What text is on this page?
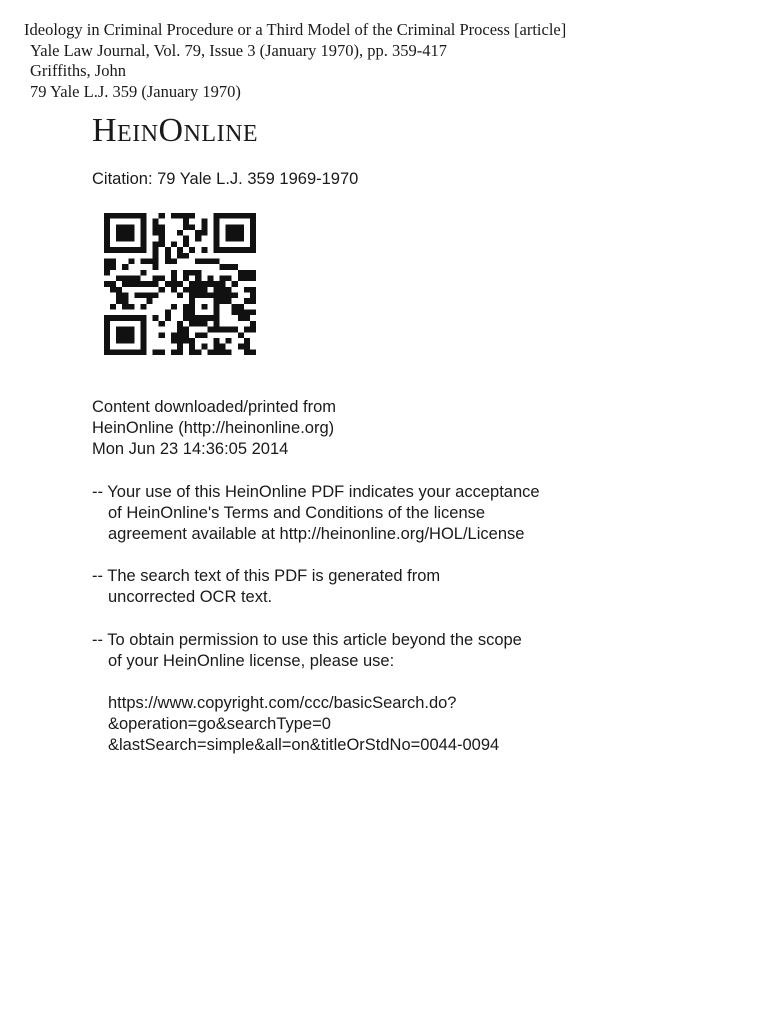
Ideology in Criminal Procedure or a Third Model of the Criminal Process [article]
Yale Law Journal, Vol. 79, Issue 3 (January 1970), pp. 359-417
Griffiths, John
79 Yale L.J. 359 (January 1970)
HeinOnline
Citation: 79 Yale L.J. 359 1969-1970

Content downloaded/printed from
HeinOnline (http://heinonline.org)
Mon Jun 23 14:36:05 2014

-- Your use of this HeinOnline PDF indicates your acceptance
of HeinOnline's Terms and Conditions of the license
agreement available at http://heinonline.org/HOL/License

-- The search text of this PDF is generated from
uncorrected OCR text.

-- To obtain permission to use this article beyond the scope
of your HeinOnline license, please use:

https://www.copyright.com/ccc/basicSearch.do?
&operation=go&searchType=0
&lastSearch=simple&all=on&titleOrStdNo=0044-0094
